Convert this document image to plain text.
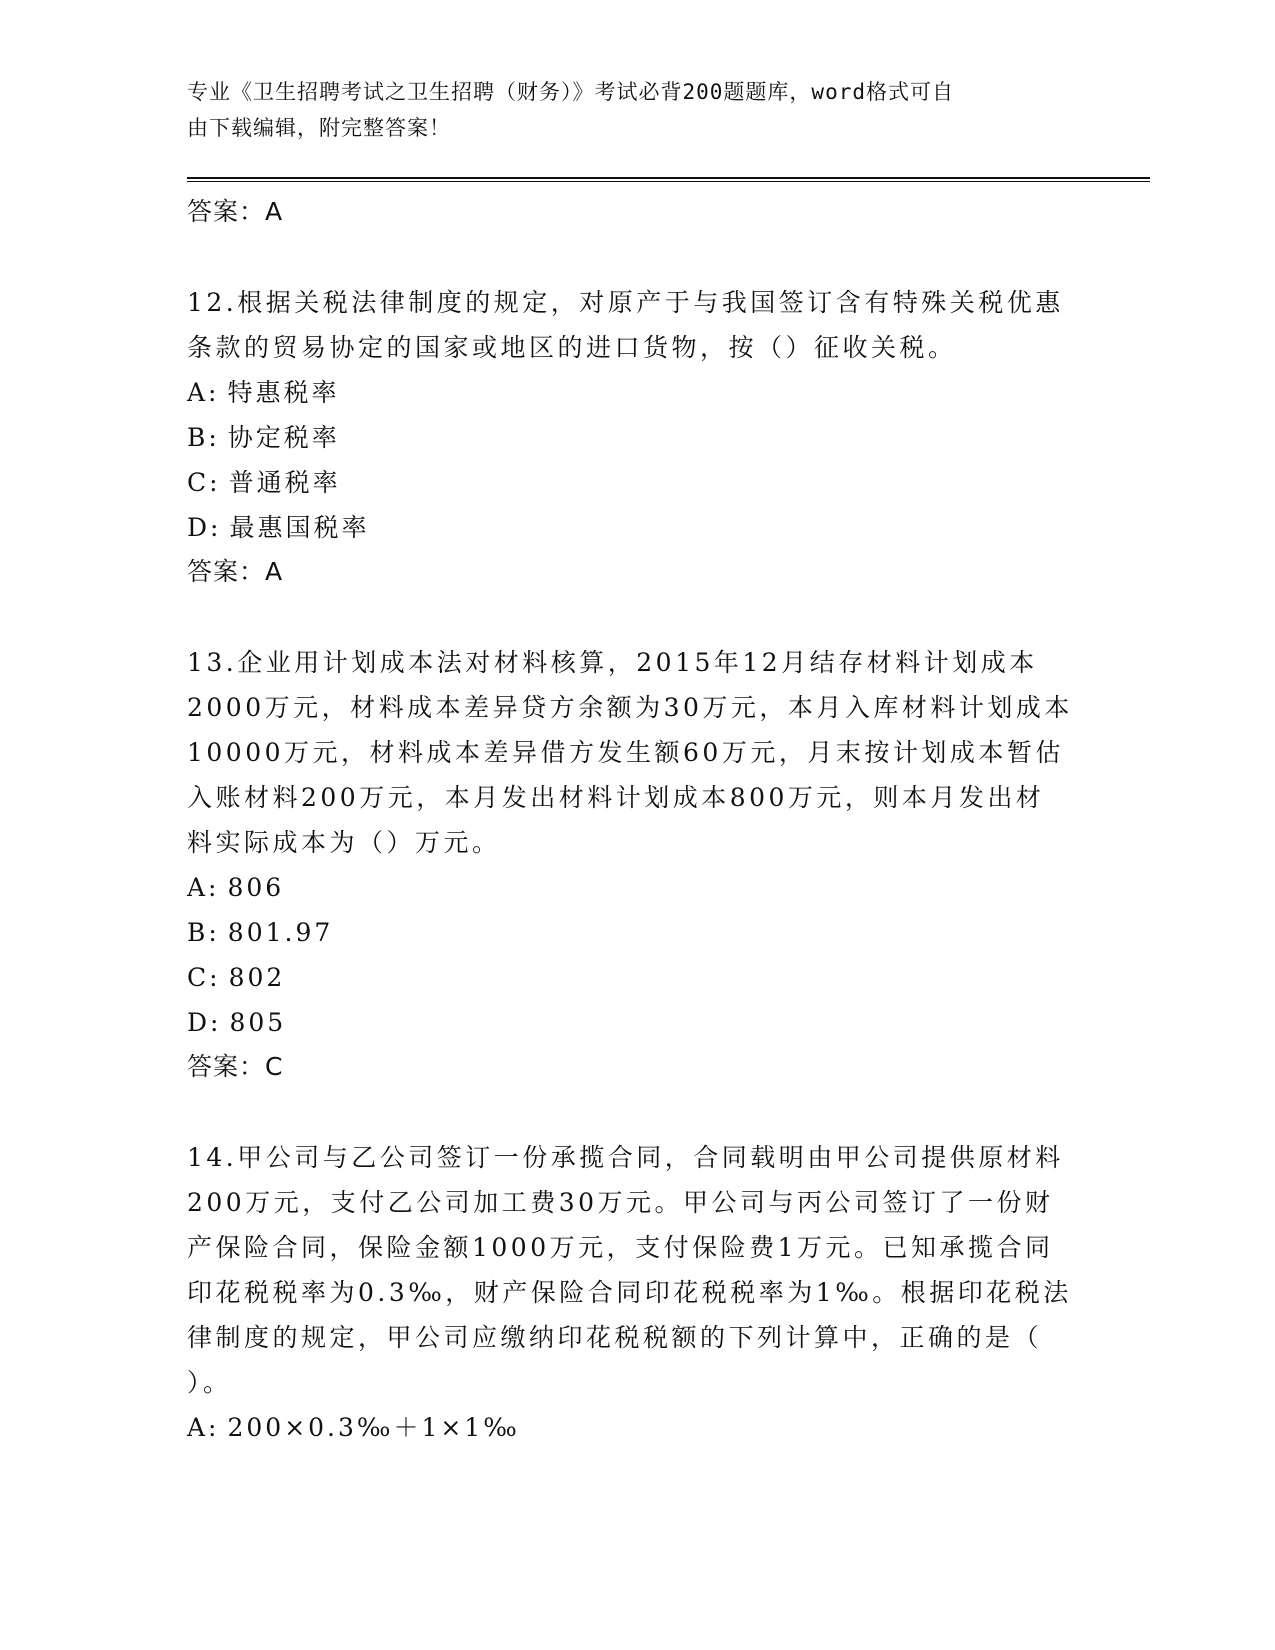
专业《卫生招聘考试之卫生招聘（财务）》考试必背200题题库，word格式可自
由下载编辑，附完整答案！

答案：A

12.根据关税法律制度的规定，对原产于与我国签订含有特殊关税优惠
条款的贸易协定的国家或地区的进口货物，按（）征收关税。

A: 特惠税率

B: 协定税率

C: 普通税率

D: 最惠国税率

答案：A

13.企业用计划成本法对材料核算，2015年12月结存材料计划成本
2000万元，材料成本差异贷方余额为30万元，本月入库材料计划成本
10000万元，材料成本差异借方发生额60万元，月末按计划成本暂估
入账材料200万元，本月发出材料计划成本800万元，则本月发出材
料实际成本为（）万元。

A: 806

B: 801.97

C: 802

D: 805

答案：C

14.甲公司与乙公司签订一份承揽合同，合同载明由甲公司提供原材料
200万元，支付乙公司加工费30万元。甲公司与丙公司签订了一份财
产保险合同，保险金额1000万元，支付保险费1万元。已知承揽合同
印花税税率为0.3‰，财产保险合同印花税税率为1‰。根据印花税法
律制度的规定，甲公司应缴纳印花税税额的下列计算中，正确的是（
）。

A: 200×0.3‰＋1×1‰
